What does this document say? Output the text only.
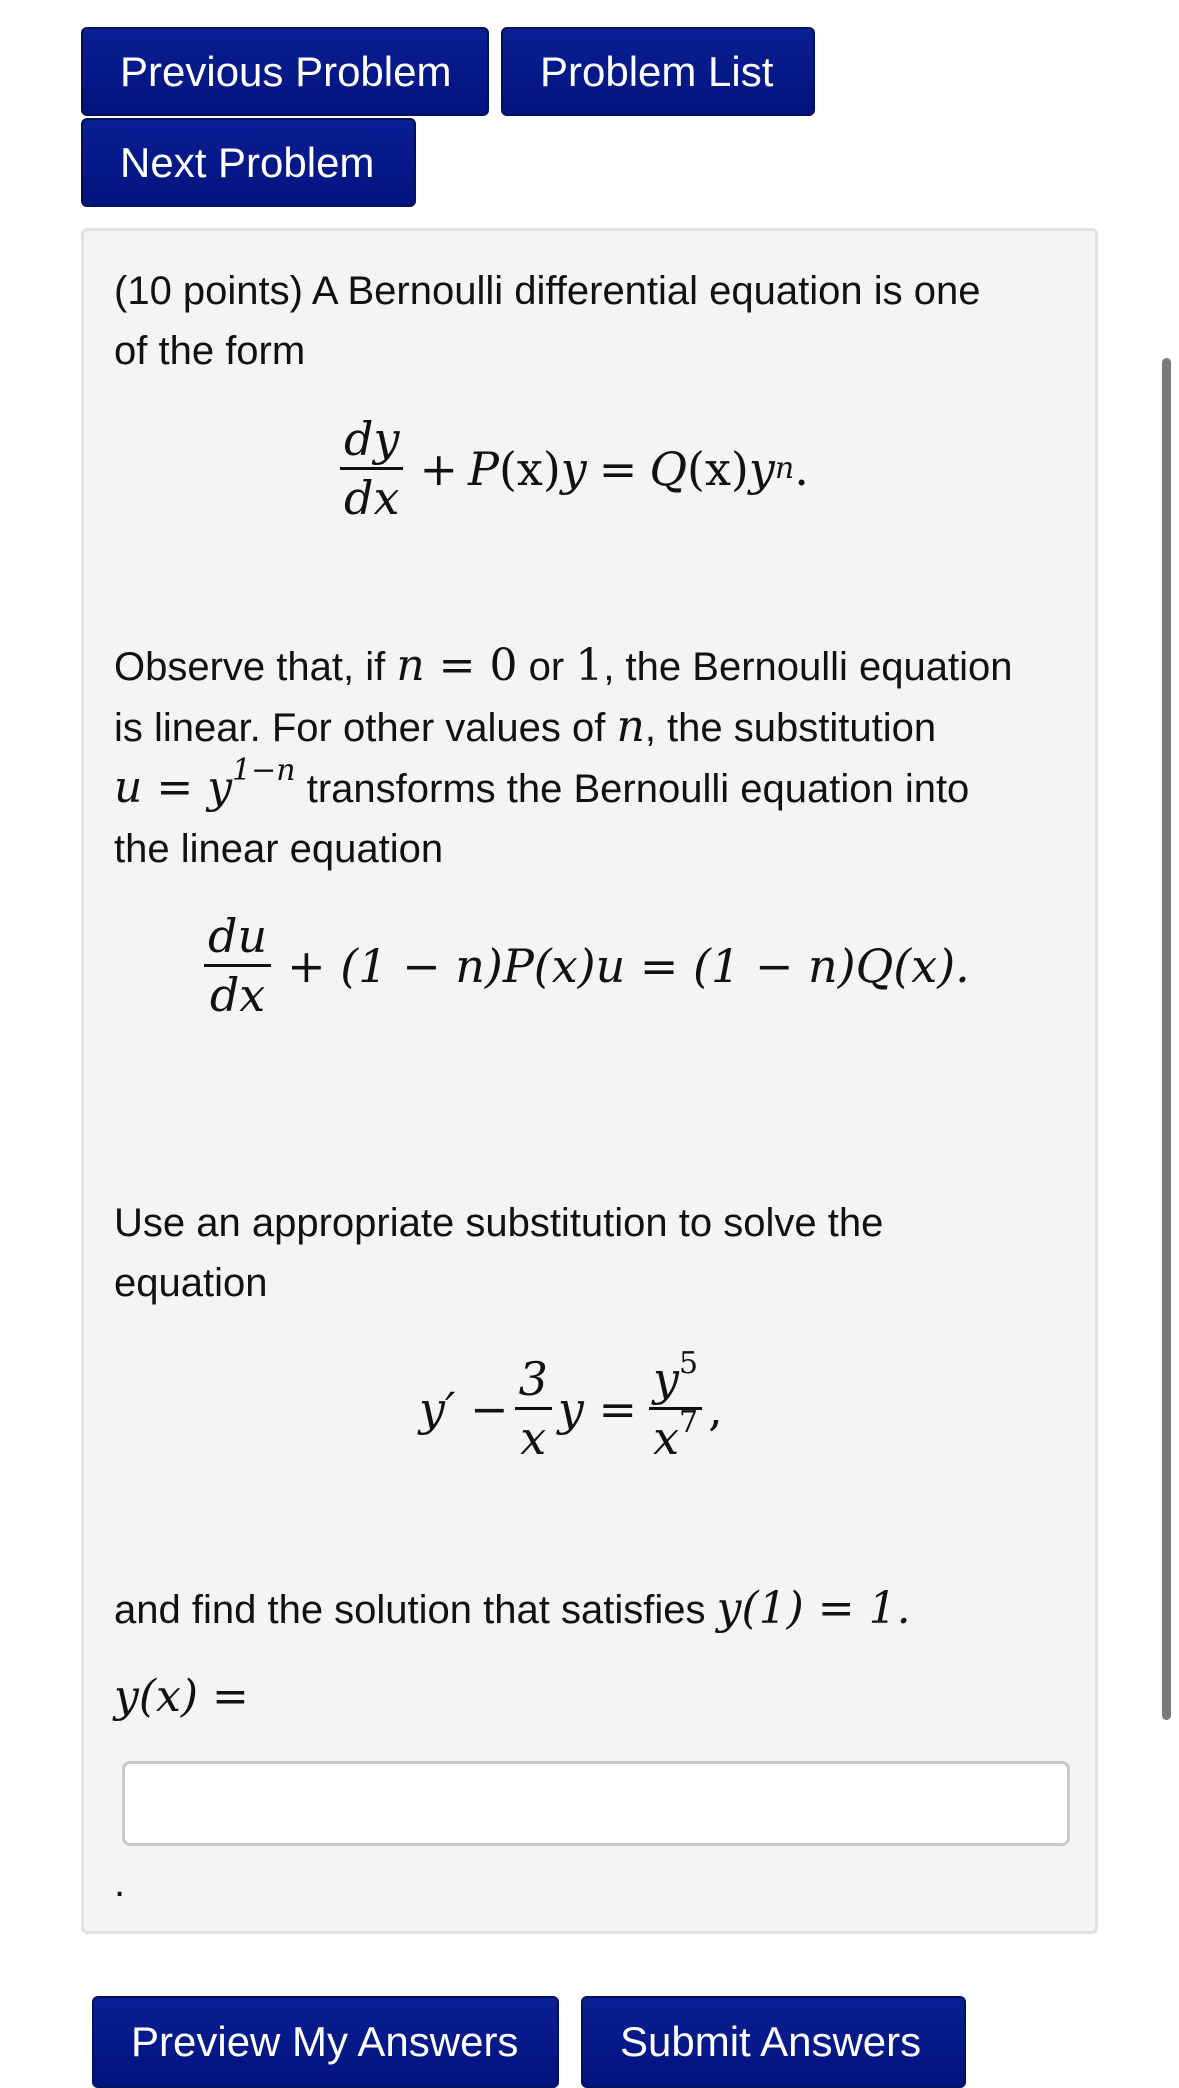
Previous Problem	Problem List
Next Problem
(10 points) A Bernoulli differential equation is one
of the form
$\frac{dy}{dx} + P$ (x) y = Q (x) y n .
Observe that, if n = 0 or 1, the Bernoulli equation
is linear. For other values of n, the substitution
$u = y^{1-n}$ transforms the Bernoulli equation into
the linear equation
$\frac{du}{dx} + (1 - n)P(x)u = (1 - n)Q(x)$.
Use an appropriate substitution to solve the
equation
$y' - \frac{3}{x}$ $y = \frac{y^5}{x^7}$ ,
and find the solution that satisfies y(1) = 1.
y(x) =
.
Preview My Answers	Submit Answers
